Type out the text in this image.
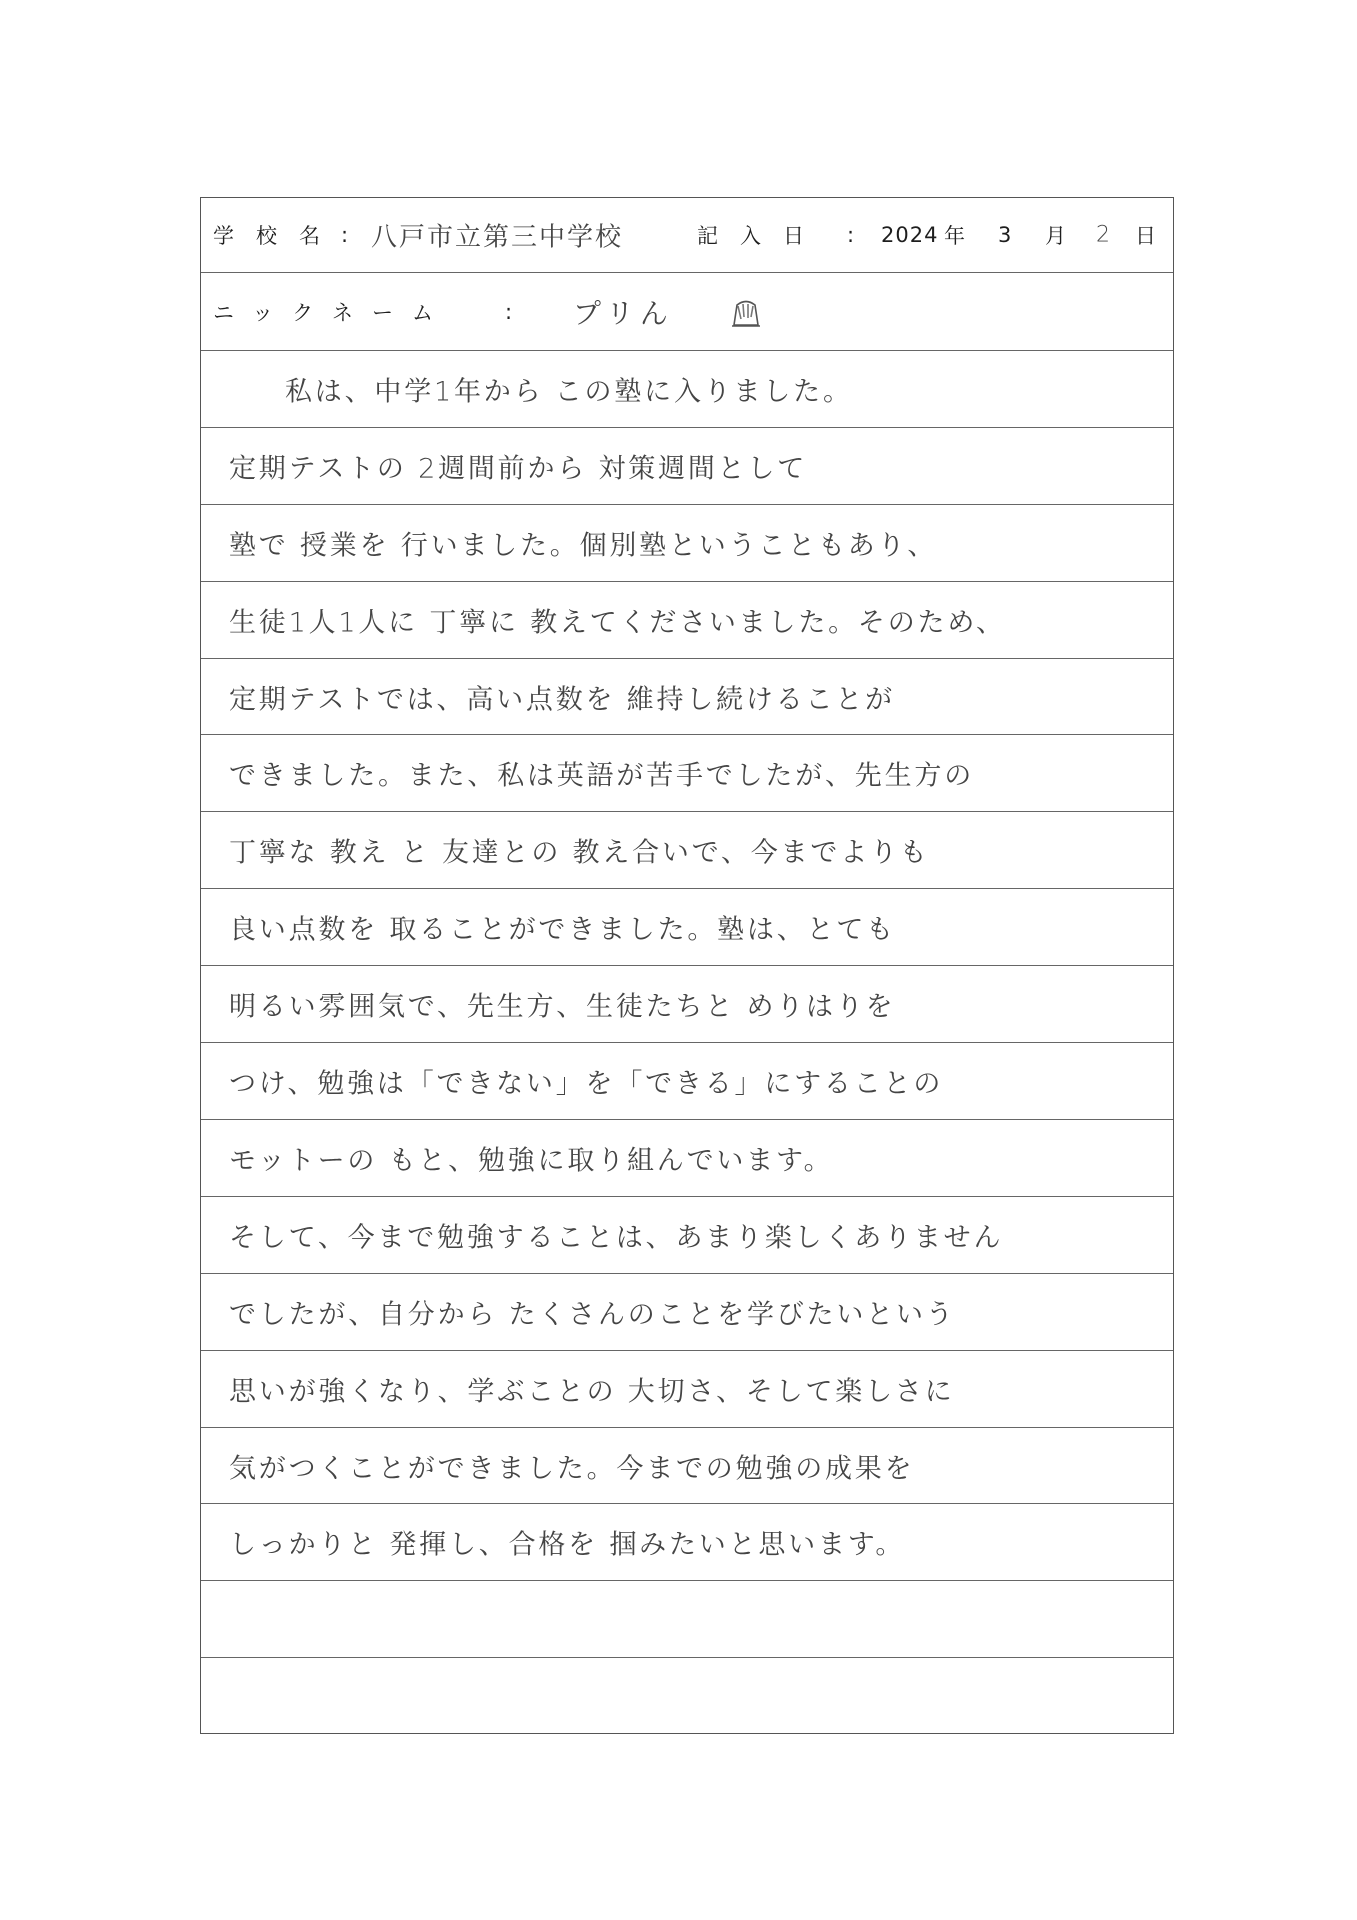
学校名 : 八戸市立第三中学校	記入日 : 2024 年 3 月 2 日
ニックネーム	: プリん
私は、中学1年から この塾に入りました。
定期テストの 2週間前から 対策週間として
塾で 授業を 行いました。個別塾ということもあり、
生徒1人1人に 丁寧に 教えてくださいました。そのため、
定期テストでは、高い点数を 維持し続けることが
できました。また、私は英語が苦手でしたが、先生方の
丁寧な 教え と 友達との 教え合いで、今までよりも
良い点数を 取ることができました。塾は、とても
明るい雰囲気で、先生方、生徒たちと めりはりを
つけ、勉強は「できない」を「できる」にすることの
モットーの もと、勉強に取り組んでいます。
そして、今まで勉強することは、あまり楽しくありません
でしたが、自分から たくさんのことを学びたいという
思いが強くなり、学ぶことの 大切さ、そして楽しさに
気がつくことができました。今までの勉強の成果を
しっかりと 発揮し、合格を 掴みたいと思います。
